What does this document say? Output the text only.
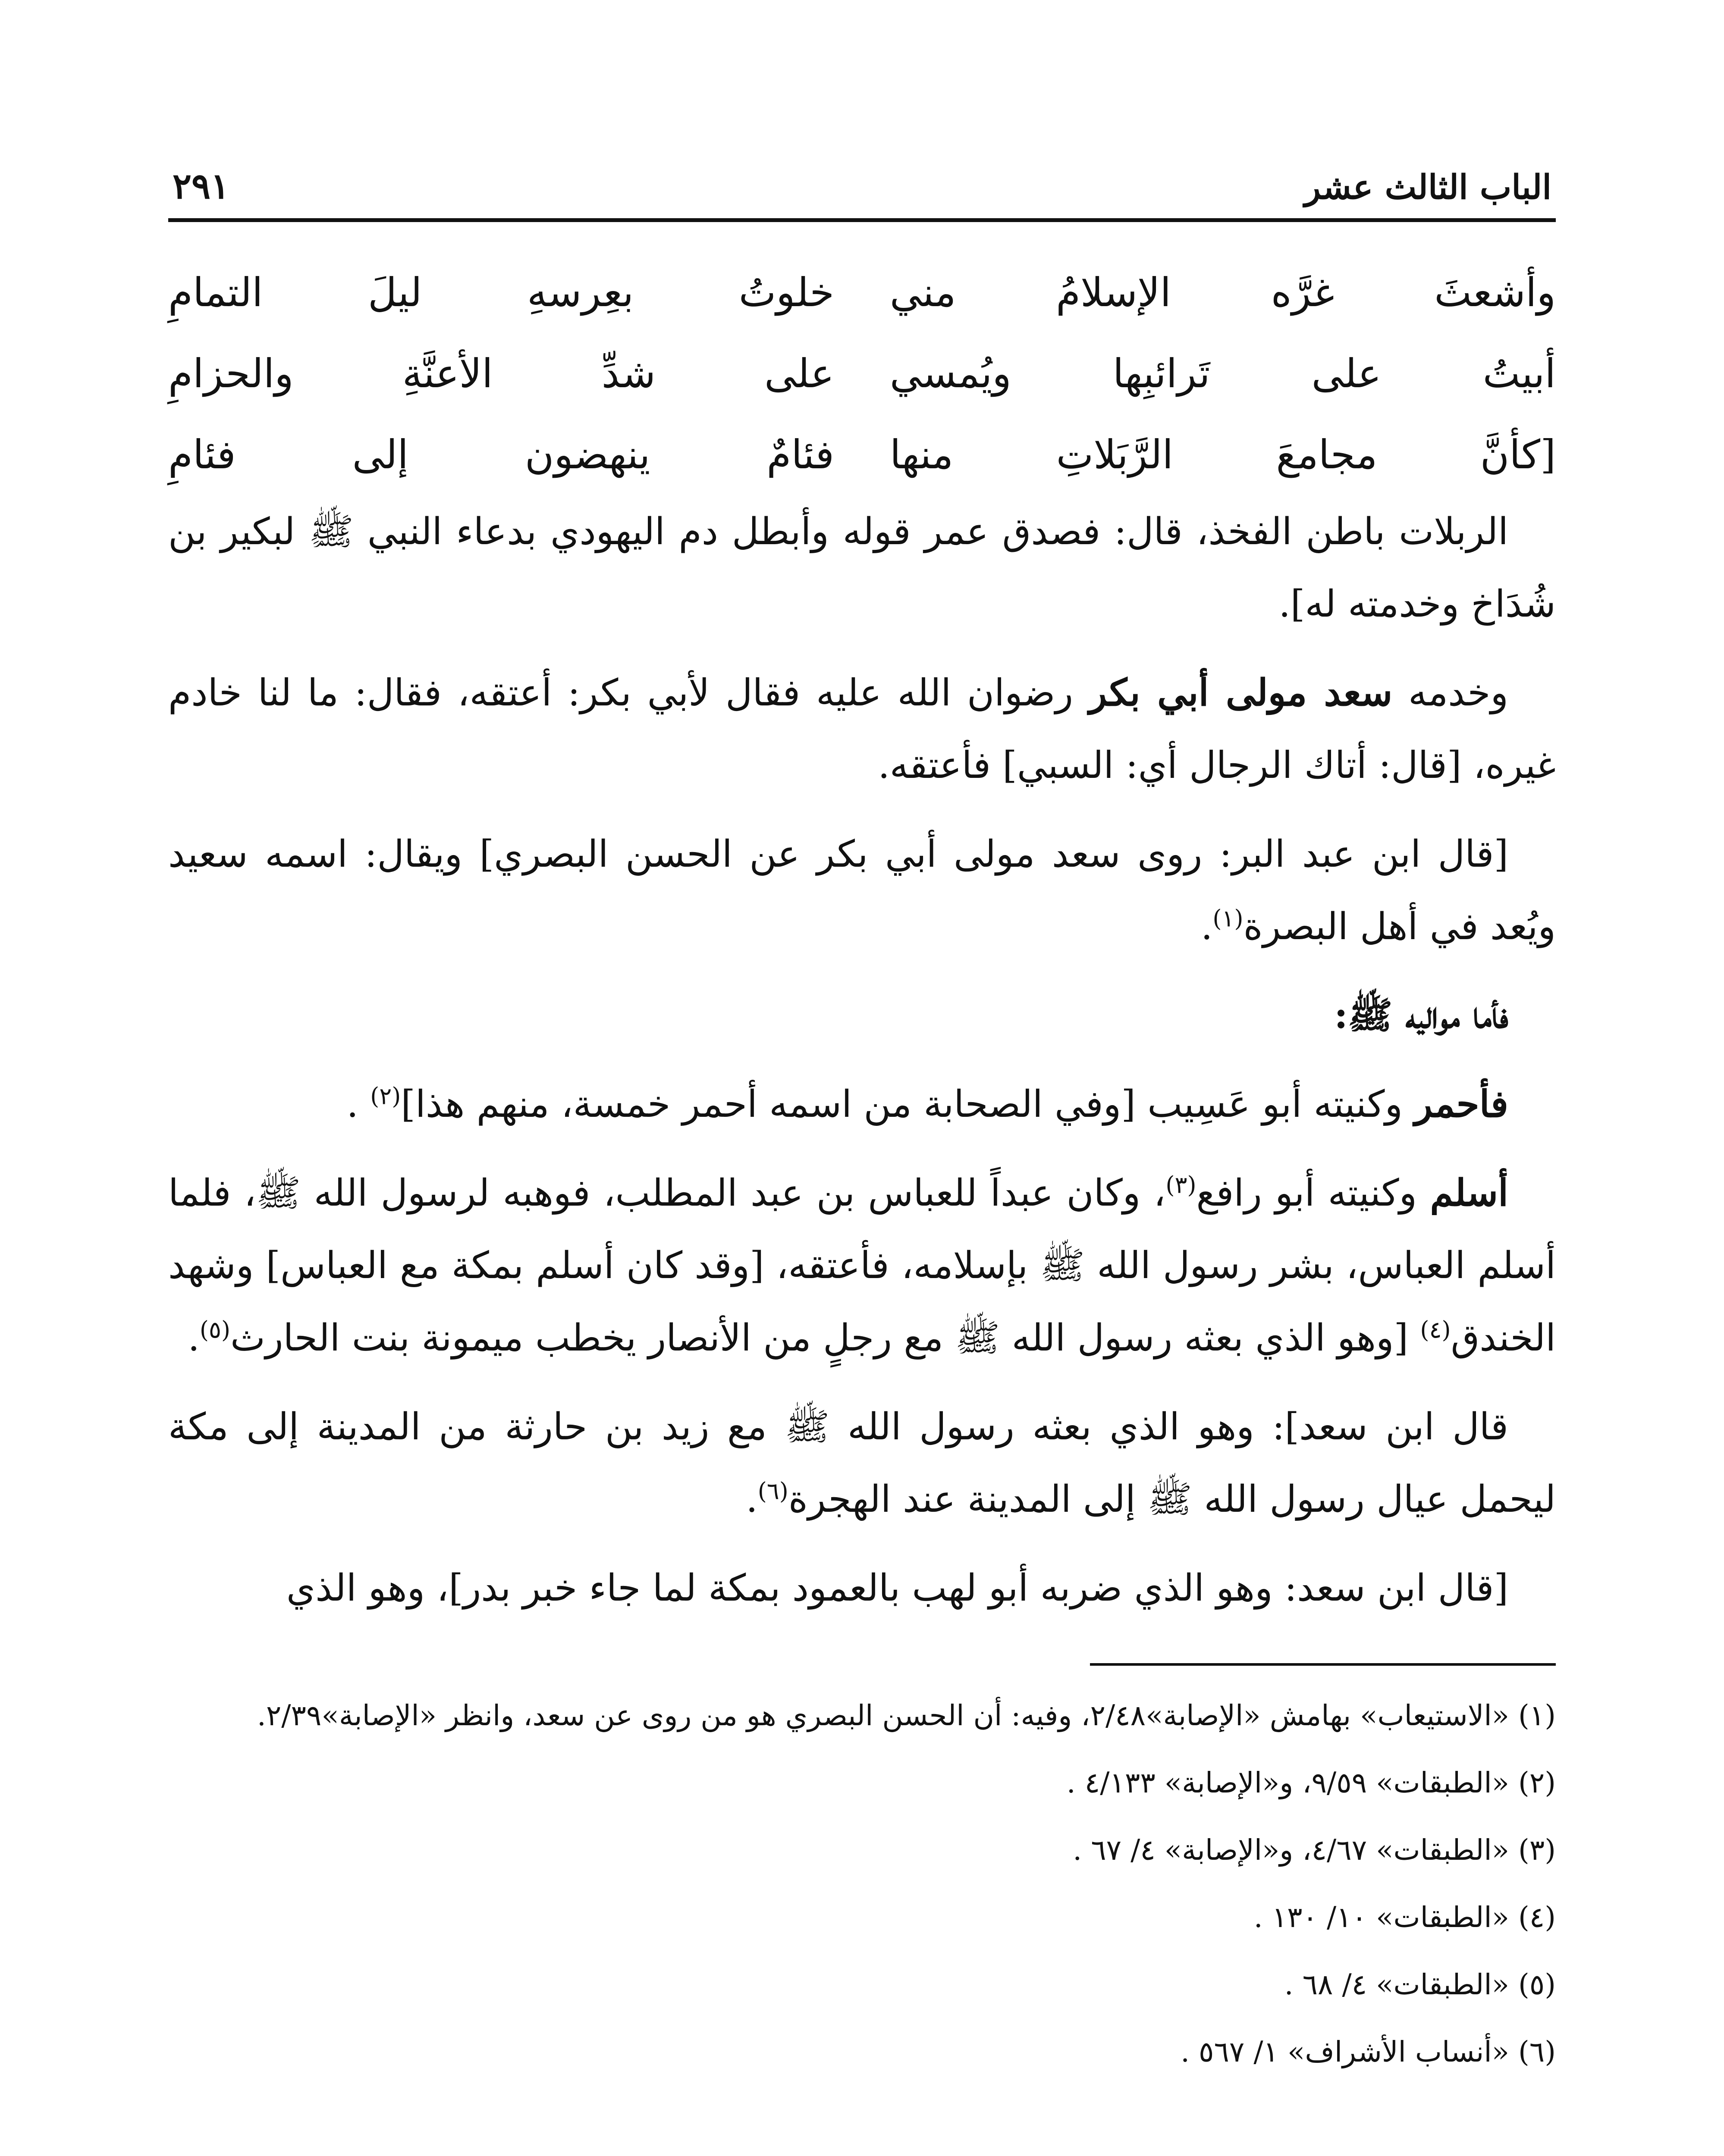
الباب الثالث عشر
٢٩١
وأشعثَ غرَّه الإسلامُ مني
خلوتُ بعِرسهِ ليلَ التمامِ
أبيتُ على تَرائبِها ويُمسي
على شدِّ الأعنَّةِ والحزامِ
[كأنَّ مجامعَ الرَّبَلاتِ منها
فئامٌ ينهضون إلى فئامِ

الربلات باطن الفخذ، قال: فصدق عمر قوله وأبطل دم اليهودي بدعاء النبي ﷺ لبكير بن شُدَاخ وخدمته له].

وخدمه سعد مولى أبي بكر رضوان الله عليه فقال لأبي بكر: أعتقه، فقال: ما لنا خادم غيره، [قال: أتاك الرجال أي: السبي] فأعتقه.

[قال ابن عبد البر: روى سعد مولى أبي بكر عن الحسن البصري] ويقال: اسمه سعيد ويُعد في أهل البصرة$^{(١)}$.

فأما مواليه ﷺ:

فأحمر وكنيته أبو عَسِيب [وفي الصحابة من اسمه أحمر خمسة، منهم هذا]$^{(٢)}$ .

أسلم وكنيته أبو رافع$^{(٣)}$، وكان عبداً للعباس بن عبد المطلب، فوهبه لرسول الله ﷺ، فلما أسلم العباس، بشر رسول الله ﷺ بإسلامه، فأعتقه، [وقد كان أسلم بمكة مع العباس] وشهد الخندق$^{(٤)}$ [وهو الذي بعثه رسول الله ﷺ مع رجلٍ من الأنصار يخطب ميمونة بنت الحارث$^{(٥)}$.

قال ابن سعد]: وهو الذي بعثه رسول الله ﷺ مع زيد بن حارثة من المدينة إلى مكة ليحمل عيال رسول الله ﷺ إلى المدينة عند الهجرة$^{(٦)}$.

[قال ابن سعد: وهو الذي ضربه أبو لهب بالعمود بمكة لما جاء خبر بدر]، وهو الذي

(١) «الاستيعاب» بهامش «الإصابة»٢/٤٨، وفيه: أن الحسن البصري هو من روى عن سعد، وانظر «الإصابة»٢/٣٩.

(٢) «الطبقات» ٩/٥٩، و«الإصابة» ٤/١٣٣ .

(٣) «الطبقات» ٤/٦٧، و«الإصابة» ٤/ ٦٧ .

(٤) «الطبقات» ١٠/ ١٣٠ .

(٥) «الطبقات» ٤/ ٦٨ .

(٦) «أنساب الأشراف» ١/ ٥٦٧ .
